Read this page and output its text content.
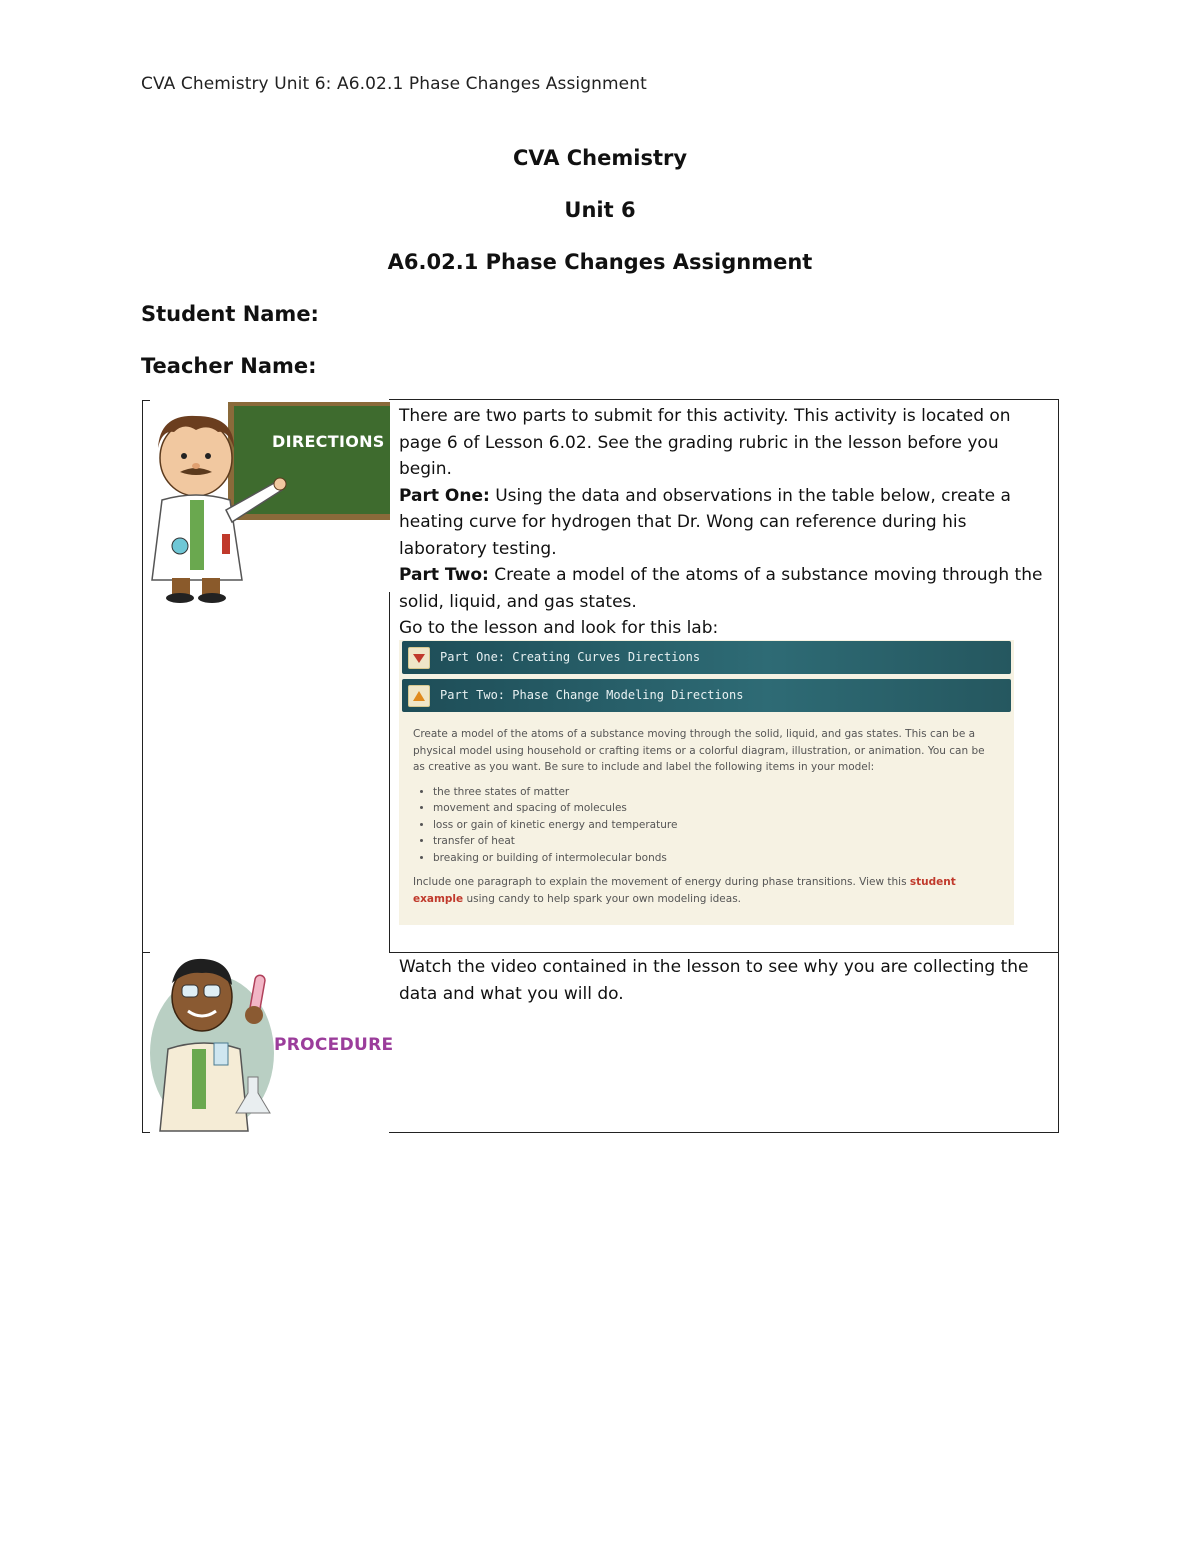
CVA Chemistry Unit 6: A6.02.1 Phase Changes Assignment
CVA Chemistry
Unit 6
A6.02.1 Phase Changes Assignment
Student Name:
Teacher Name:
DIRECTIONS

There are two parts to submit for this activity. This activity is located on page 6 of Lesson 6.02. See the grading rubric in the lesson before you begin.

Part One: Using the data and observations in the table below, create a heating curve for hydrogen that Dr. Wong can reference during his laboratory testing.

Part Two: Create a model of the atoms of a substance moving through the solid, liquid, and gas states.

Go to the lesson and look for this lab:

Part One: Creating Curves Directions
Part Two: Phase Change Modeling Directions

Create a model of the atoms of a substance moving through the solid, liquid, and gas states. This can be a physical model using household or crafting items or a colorful diagram, illustration, or animation. You can be as creative as you want. Be sure to include and label the following items in your model:

• the three states of matter
• movement and spacing of molecules
• loss or gain of kinetic energy and temperature
• transfer of heat
• breaking or building of intermolecular bonds

Include one paragraph to explain the movement of energy during phase transitions. View this student example using candy to help spark your own modeling ideas.

PROCEDURE

Watch the video contained in the lesson to see why you are collecting the data and what you will do.
